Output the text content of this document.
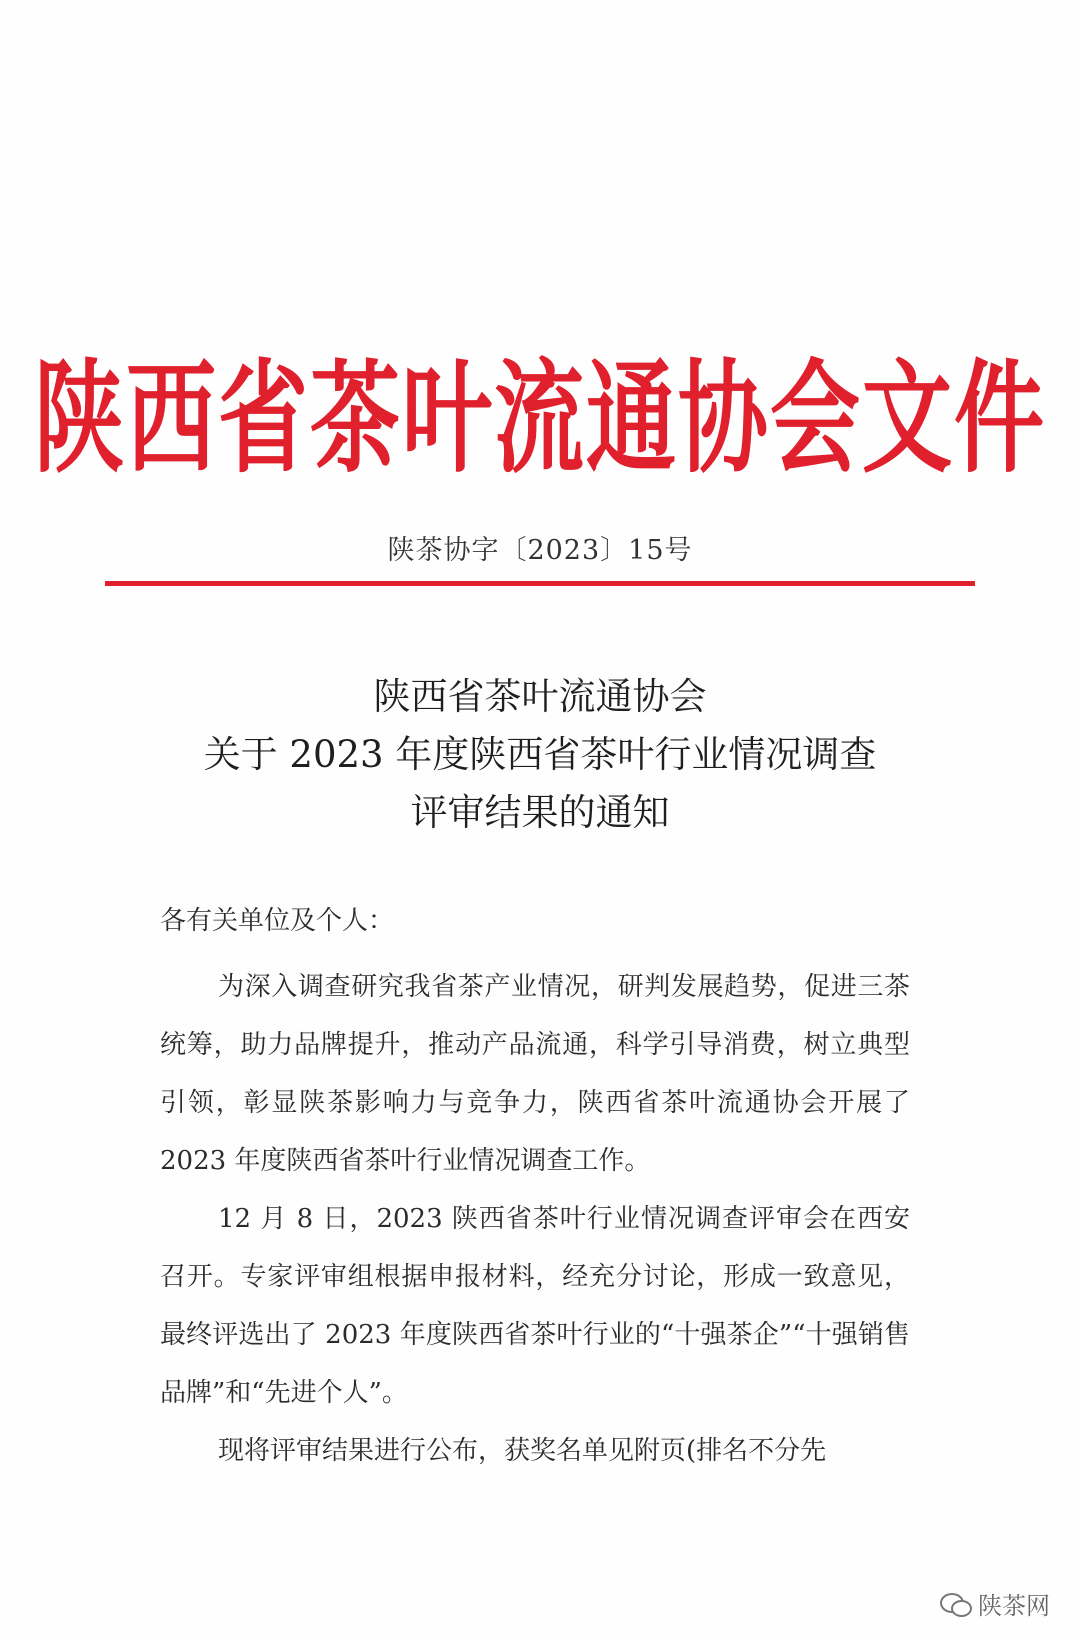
陕西省茶叶流通协会文件
陕茶协字〔2023〕15号
陕西省茶叶流通协会
关于 2023 年度陕西省茶叶行业情况调查
评审结果的通知
各有关单位及个人：
为深入调查研究我省茶产业情况，研判发展趋势，促进三茶统筹，助力品牌提升，推动产品流通，科学引导消费，树立典型引领，彰显陕茶影响力与竞争力，陕西省茶叶流通协会开展了 2023 年度陕西省茶叶行业情况调查工作。
12 月 8 日，2023 陕西省茶叶行业情况调查评审会在西安召开。专家评审组根据申报材料，经充分讨论，形成一致意见，最终评选出了 2023 年度陕西省茶叶行业的“十强茶企”“十强销售品牌”和“先进个人”。
现将评审结果进行公布，获奖名单见附页(排名不分先
陕茶网
